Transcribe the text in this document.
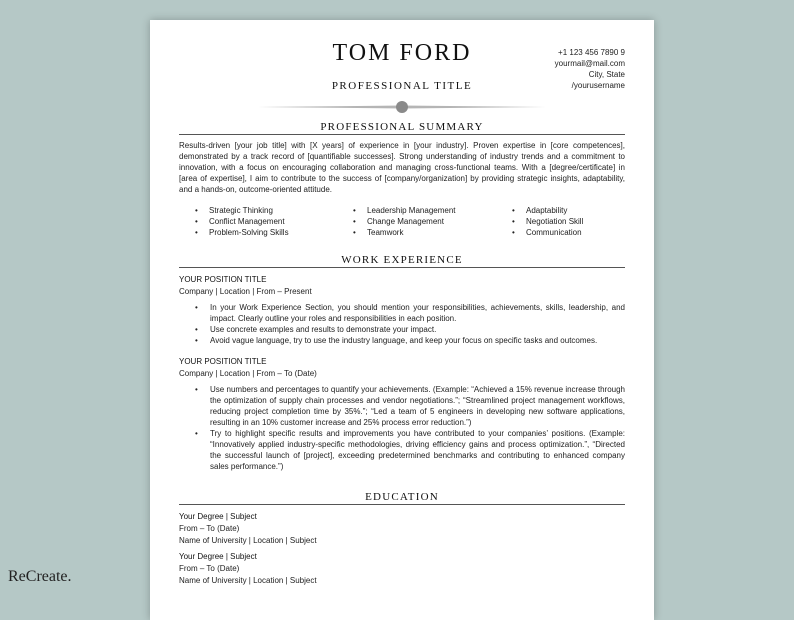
TOM FORD
PROFESSIONAL TITLE
+1 123 456 7890 9
yourmail@mail.com
City, State
/yourusername
PROFESSIONAL SUMMARY
Results-driven [your job title] with [X years] of experience in [your industry]. Proven expertise in [core competences], demonstrated by a track record of [quantifiable successes]. Strong understanding of industry trends and a commitment to innovation, with a focus on encouraging collaboration and managing cross-functional teams. With a [degree/certificate] in [area of expertise], I aim to contribute to the success of [company/organization] by providing strategic insights, adaptability, and a hands-on, outcome-oriented attitude.
• Strategic Thinking
• Conflict Management
• Problem-Solving Skills
• Leadership Management
• Change Management
• Teamwork
• Adaptability
• Negotiation Skill
• Communication
WORK EXPERIENCE
YOUR POSITION TITLE
Company | Location | From – Present
• In your Work Experience Section, you should mention your responsibilities, achievements, skills, leadership, and impact. Clearly outline your roles and responsibilities in each position.
• Use concrete examples and results to demonstrate your impact.
• Avoid vague language, try to use the industry language, and keep your focus on specific tasks and outcomes.
YOUR POSITION TITLE
Company | Location | From – To (Date)
• Use numbers and percentages to quantify your achievements. (Example: “Achieved a 15% revenue increase through the optimization of supply chain processes and vendor negotiations.”; “Streamlined project management workflows, reducing project completion time by 35%.”; “Led a team of 5 engineers in developing new software applications, resulting in an 10% customer increase and 25% process error reduction.”)
• Try to highlight specific results and improvements you have contributed to your companies’ positions. (Example: “Innovatively applied industry-specific methodologies, driving efficiency gains and process optimization.”, “Directed the successful launch of [project], exceeding predetermined benchmarks and contributing to enhanced company sales performance.”)
EDUCATION
Your Degree | Subject
From – To (Date)
Name of University | Location | Subject
Your Degree | Subject
From – To (Date)
Name of University | Location | Subject
ReCreate.
